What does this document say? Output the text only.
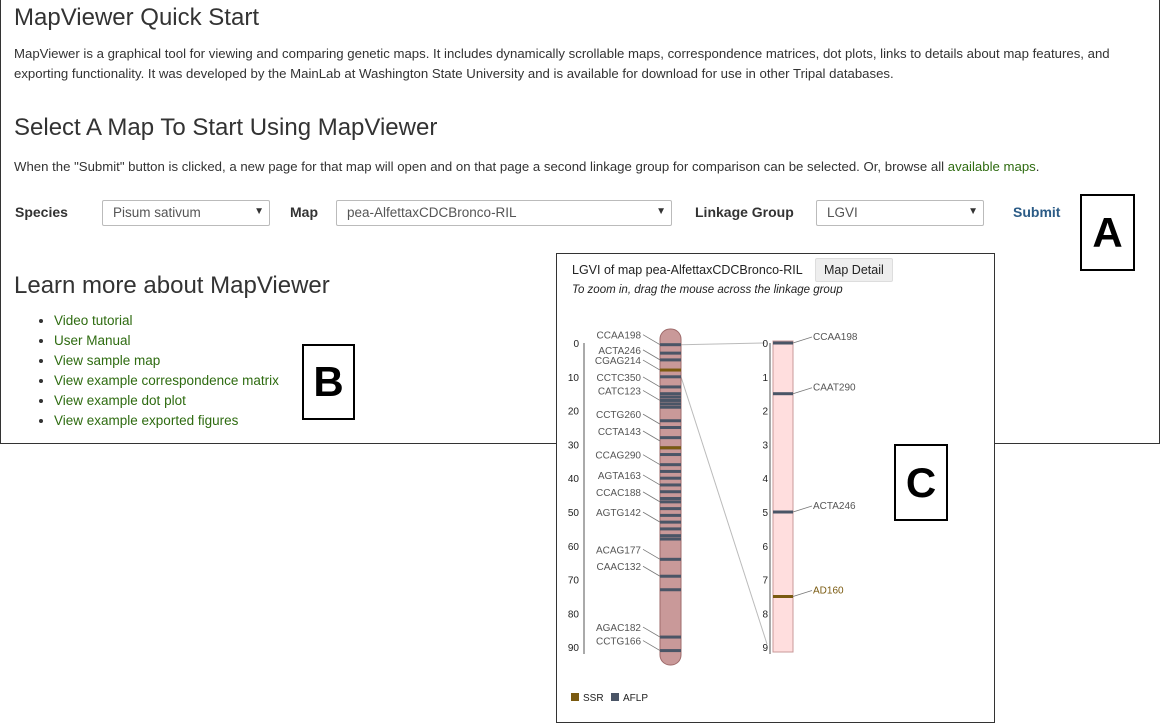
MapViewer Quick Start
MapViewer is a graphical tool for viewing and comparing genetic maps. It includes dynamically scrollable maps, correspondence matrices, dot plots, links to details about map features, and exporting functionality. It was developed by the MainLab at Washington State University and is available for download for use in other Tripal databases.
Select A Map To Start Using MapViewer
When the "Submit" button is clicked, a new page for that map will open and on that page a second linkage group for comparison can be selected. Or, browse all available maps.
Species	Pisum sativum	▼ Map	pea-AlfettaxCDCBronco-RIL	▼ Linkage Group	LGVI	▼	Submit
Learn more about MapViewer
• Video tutorial
• User Manual
• View sample map
• View example correspondence matrix
• View example dot plot
• View example exported figures
A
B
LGVI of map pea-AlfettaxCDCBronco-RIL	Map Detail
To zoom in, drag the mouse across the linkage group
0
10
20
30
40
50
60
70
80
90
CCAA198
ACTA246
CGAG214
CCTC350
CATC123
CCTG260
CCTA143
CCAG290
AGTA163
CCAC188
AGTG142
ACAG177
CAAC132
AGAC182
CCTG166
0
1
2
3
4
5
6
7
8
9
CCAA198
CAAT290
ACTA246
AD160
SSR AFLP
C
